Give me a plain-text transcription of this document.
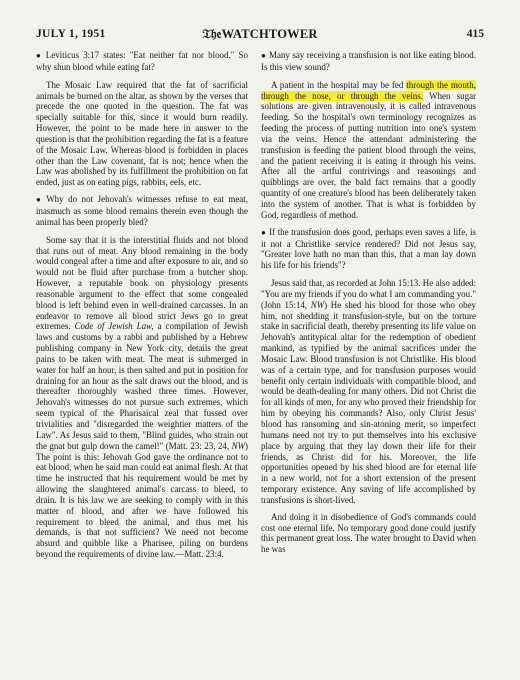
JULY 1, 1951	𝔗𝔥𝔢WATCHTOWER	415

● Leviticus 3:17 states: "Eat neither fat nor blood." So why shun blood while eating fat?

The Mosaic Law required that the fat of sacrificial animals be burned on the altar, as shown by the verses that precede the one quoted in the question. The fat was specially suitable for this, since it would burn readily. However, the point to be made here in answer to the question is that the prohibition regarding the fat is a feature of the Mosaic Law. Whereas blood is forbidden in places other than the Law covenant, fat is not; hence when the Law was abolished by its fulfillment the prohibition on fat ended, just as on eating pigs, rabbits, eels, etc.

● Why do not Jehovah's witnesses refuse to eat meat, inasmuch as some blood remains therein even though the animal has been properly bled?

Some say that it is the interstitial fluids and not blood that runs out of meat. Any blood remaining in the body would congeal after a time and after exposure to air, and so would not be fluid after purchase from a butcher shop. However, a reputable book on physiology presents reasonable argument to the effect that some congealed blood is left behind even in well-drained carcasses. In an endeavor to remove all blood strict Jews go to great extremes. Code of Jewish Law, a compilation of Jewish laws and customs by a rabbi and published by a Hebrew publishing company in New York city, details the great pains to be taken with meat. The meat is submerged in water for half an hour, is then salted and put in position for draining for an hour as the salt draws out the blood, and is thereafter thoroughly washed three times. However, Jehovah's witnesses do not pursue such extremes, which seem typical of the Pharisaical zeal that fussed over trivialities and "disregarded the weightier matters of the Law". As Jesus said to them, "Blind guides, who strain out the gnat but gulp down the camel!" (Matt. 23: 23, 24, NW) The point is this: Jehovah God gave the ordinance not to eat blood, when he said man could eat animal flesh. At that time he instructed that his requirement would be met by allowing the slaughtered animal's carcass to bleed, to drain. It is his law we are seeking to comply with in this matter of blood, and after we have followed his requirement to bleed the animal, and thus met his demands, is that not sufficient? We need not become absurd and quibble like a Pharisee, piling on burdens beyond the requirements of divine law.—Matt. 23:4.

● Many say receiving a transfusion is not like eating blood. Is this view sound?

A patient in the hospital may be fed through the mouth, through the nose, or through the veins. When sugar solutions are given intravenously, it is called intravenous feeding. So the hospital's own terminology recognizes as feeding the process of putting nutrition into one's system via the veins. Hence the attendant administering the transfusion is feeding the patient blood through the veins, and the patient receiving it is eating it through his veins. After all the artful contrivings and reasonings and quibblings are over, the bald fact remains that a goodly quantity of one creature's blood has been deliberately taken into the system of another. That is what is forbidden by God, regardless of method.

● If the transfusion does good, perhaps even saves a life, is it not a Christlike service rendered? Did not Jesus say, "Greater love hath no man than this, that a man lay down his life for his friends"?

Jesus said that, as recorded at John 15:13. He also added: "You are my friends if you do what I am commanding you." (John 15:14, NW) He shed his blood for those who obey him, not shedding it transfusion-style, but on the torture stake in sacrificial death, thereby presenting its life value on Jehovah's antitypical altar for the redemption of obedient mankind, as typified by the animal sacrifices under the Mosaic Law. Blood transfusion is not Christlike. His blood was of a certain type, and for transfusion purposes would benefit only certain individuals with compatible blood, and would be death-dealing for many others. Did not Christ die for all kinds of men, for any who proved their friendship for him by obeying his commands? Also, only Christ Jesus' blood has ransoming and sin-atoning merit, so imperfect humans need not try to put themselves into his exclusive place by arguing that they lay down their life for their friends, as Christ did for his. Moreover, the life opportunities opened by his shed blood are for eternal life in a new world, not for a short extension of the present temporary existence. Any saving of life accomplished by transfusions is short-lived.

And doing it in disobedience of God's commands could cost one eternal life. No temporary good done could justify this permanent great loss. The water brought to David when he was
